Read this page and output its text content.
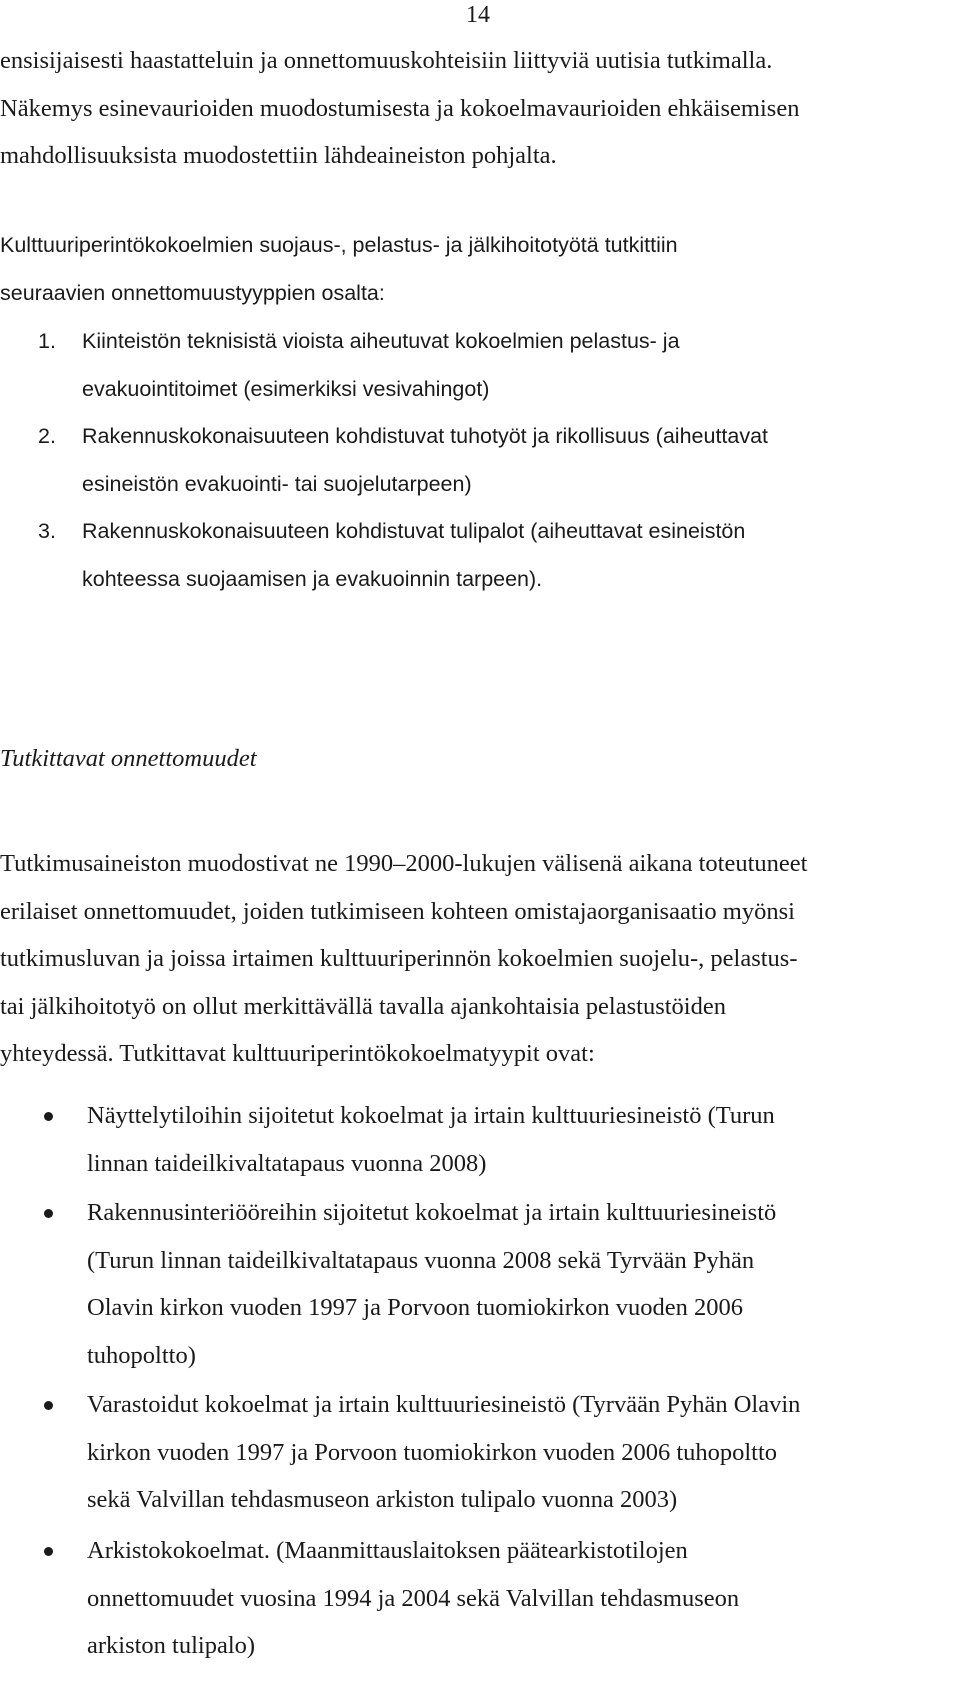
14
ensisijaisesti haastatteluin ja onnettomuuskohteisiin liittyviä uutisia tutkimalla.
Näkemys esinevaurioiden muodostumisesta ja kokoelmavaurioiden ehkäisemisen
mahdollisuuksista muodostettiin lähdeaineiston pohjalta.
Kulttuuriperintökokoelmien suojaus-, pelastus- ja jälkihoitotyötä tutkittiin
seuraavien onnettomuustyyppien osalta:
1. Kiinteistön teknisistä vioista aiheutuvat kokoelmien pelastus- ja
evakuointitoimet (esimerkiksi vesivahingot)
2. Rakennuskokonaisuuteen kohdistuvat tuhotyöt ja rikollisuus (aiheuttavat
esineistön evakuointi- tai suojelutarpeen)
3. Rakennuskokonaisuuteen kohdistuvat tulipalot (aiheuttavat esineistön
kohteessa suojaamisen ja evakuoinnin tarpeen).
Tutkittavat onnettomuudet
Tutkimusaineiston muodostivat ne 1990–2000-lukujen välisenä aikana toteutuneet
erilaiset onnettomuudet, joiden tutkimiseen kohteen omistajaorganisaatio myönsi
tutkimusluvan ja joissa irtaimen kulttuuriperinnön kokoelmien suojelu-, pelastus-
tai jälkihoitotyö on ollut merkittävällä tavalla ajankohtaisia pelastustöiden
yhteydessä. Tutkittavat kulttuuriperintökokoelmatyypit ovat:
Näyttelytiloihin sijoitetut kokoelmat ja irtain kulttuuriesineistö (Turun
linnan taideilkivaltatapaus vuonna 2008)
Rakennusinteriööreihin sijoitetut kokoelmat ja irtain kulttuuriesineistö
(Turun linnan taideilkivaltatapaus vuonna 2008 sekä Tyrvään Pyhän
Olavin kirkon vuoden 1997 ja Porvoon tuomiokirkon vuoden 2006
tuhopoltto)
Varastoidut kokoelmat ja irtain kulttuuriesineistö (Tyrvään Pyhän Olavin
kirkon vuoden 1997 ja Porvoon tuomiokirkon vuoden 2006 tuhopoltto
sekä Valvillan tehdasmuseon arkiston tulipalo vuonna 2003)
Arkistokokoelmat. (Maanmittauslaitoksen päätearkistotilojen
onnettomuudet vuosina 1994 ja 2004 sekä Valvillan tehdasmuseon
arkiston tulipalo)
